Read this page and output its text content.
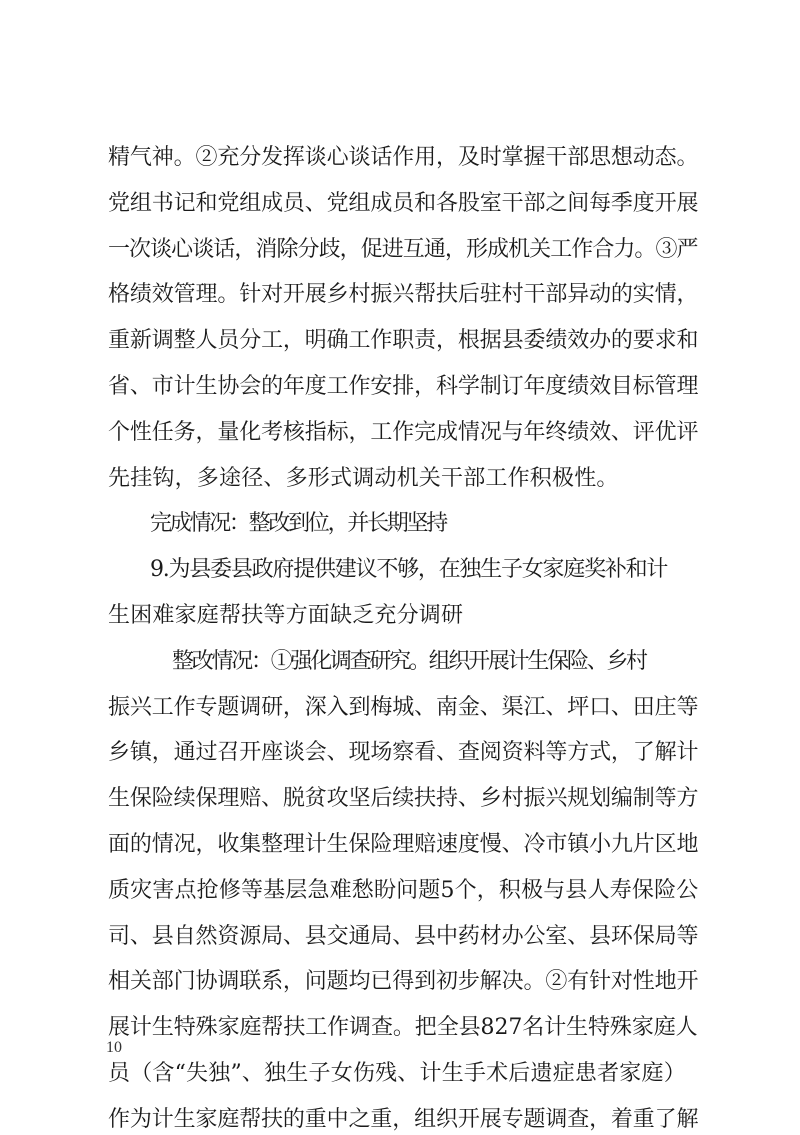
精气神。②充分发挥谈心谈话作用，及时掌握干部思想动态。
党组书记和党组成员、党组成员和各股室干部之间每季度开展
一次谈心谈话，消除分歧，促进互通，形成机关工作合力。③严
格绩效管理。针对开展乡村振兴帮扶后驻村干部异动的实情，
重新调整人员分工，明确工作职责，根据县委绩效办的要求和
省、市计生协会的年度工作安排，科学制订年度绩效目标管理
个性任务，量化考核指标，工作完成情况与年终绩效、评优评
先挂钩，多途径、多形式调动机关干部工作积极性。
完成情况：整改到位，并长期坚持
9.为县委县政府提供建议不够，在独生子女家庭奖补和计
生困难家庭帮扶等方面缺乏充分调研
整改情况：①强化调查研究。组织开展计生保险、乡村
振兴工作专题调研，深入到梅城、南金、渠江、坪口、田庄等
乡镇，通过召开座谈会、现场察看、查阅资料等方式，了解计
生保险续保理赔、脱贫攻坚后续扶持、乡村振兴规划编制等方
面的情况，收集整理计生保险理赔速度慢、冷市镇小九片区地
质灾害点抢修等基层急难愁盼问题5个，积极与县人寿保险公
司、县自然资源局、县交通局、县中药材办公室、县环保局等
相关部门协调联系，问题均已得到初步解决。②有针对性地开
展计生特殊家庭帮扶工作调查。把全县827名计生特殊家庭人
员（含“失独”、独生子女伤残、计生手术后遗症患者家庭）
作为计生家庭帮扶的重中之重，组织开展专题调查，着重了解
10
